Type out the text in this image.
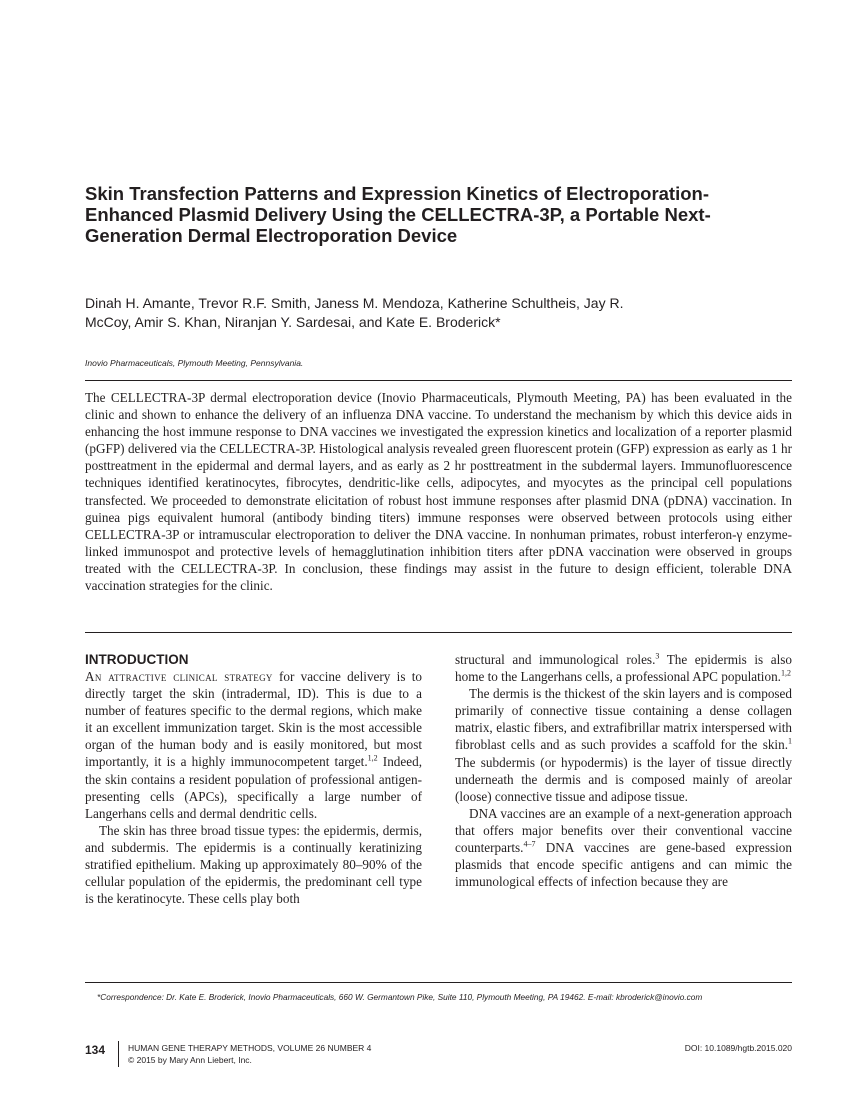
Skin Transfection Patterns and Expression Kinetics of Electroporation-Enhanced Plasmid Delivery Using the CELLECTRA-3P, a Portable Next-Generation Dermal Electroporation Device

Dinah H. Amante, Trevor R.F. Smith, Janess M. Mendoza, Katherine Schultheis, Jay R. McCoy, Amir S. Khan, Niranjan Y. Sardesai, and Kate E. Broderick*

Inovio Pharmaceuticals, Plymouth Meeting, Pennsylvania.

The CELLECTRA-3P dermal electroporation device (Inovio Pharmaceuticals, Plymouth Meeting, PA) has been evaluated in the clinic and shown to enhance the delivery of an influenza DNA vaccine. To understand the mechanism by which this device aids in enhancing the host immune response to DNA vaccines we investigated the expression kinetics and localization of a reporter plasmid (pGFP) delivered via the CELLECTRA-3P. Histological analysis revealed green fluorescent protein (GFP) expression as early as 1 hr posttreatment in the epidermal and dermal layers, and as early as 2 hr posttreatment in the subdermal layers. Immunofluorescence techniques identified keratinocytes, fibrocytes, dendritic-like cells, adipocytes, and myocytes as the principal cell populations transfected. We proceeded to demonstrate elicitation of robust host immune responses after plasmid DNA (pDNA) vaccination. In guinea pigs equivalent humoral (antibody binding titers) immune responses were observed between protocols using either CELLECTRA-3P or intramuscular electroporation to deliver the DNA vaccine. In nonhuman primates, robust interferon-γ enzyme-linked immunospot and protective levels of hemagglutination inhibition titers after pDNA vaccination were observed in groups treated with the CELLECTRA-3P. In conclusion, these findings may assist in the future to design efficient, tolerable DNA vaccination strategies for the clinic.

INTRODUCTION

An attractive clinical strategy for vaccine delivery is to directly target the skin (intradermal, ID). This is due to a number of features specific to the dermal regions, which make it an excellent immunization target. Skin is the most accessible organ of the human body and is easily monitored, but most importantly, it is a highly immunocompetent target.$^{1,2}$ Indeed, the skin contains a resident population of professional antigen-presenting cells (APCs), specifically a large number of Langerhans cells and dermal dendritic cells.

The skin has three broad tissue types: the epidermis, dermis, and subdermis. The epidermis is a continually keratinizing stratified epithelium. Making up approximately 80–90% of the cellular population of the epidermis, the predominant cell type is the keratinocyte. These cells play both

structural and immunological roles.$^3$ The epidermis is also home to the Langerhans cells, a professional APC population.$^{1,2}$

The dermis is the thickest of the skin layers and is composed primarily of connective tissue containing a dense collagen matrix, elastic fibers, and extrafibrillar matrix interspersed with fibroblast cells and as such provides a scaffold for the skin.$^1$ The subdermis (or hypodermis) is the layer of tissue directly underneath the dermis and is composed mainly of areolar (loose) connective tissue and adipose tissue.

DNA vaccines are an example of a next-generation approach that offers major benefits over their conventional vaccine counterparts.$^{4-7}$ DNA vaccines are gene-based expression plasmids that encode specific antigens and can mimic the immunological effects of infection because they are

*Correspondence: Dr. Kate E. Broderick, Inovio Pharmaceuticals, 660 W. Germantown Pike, Suite 110, Plymouth Meeting, PA 19462. E-mail: kbroderick@inovio.com

134	HUMAN GENE THERAPY METHODS, VOLUME 26 NUMBER 4
© 2015 by Mary Ann Liebert, Inc.
DOI: 10.1089/hgtb.2015.020
